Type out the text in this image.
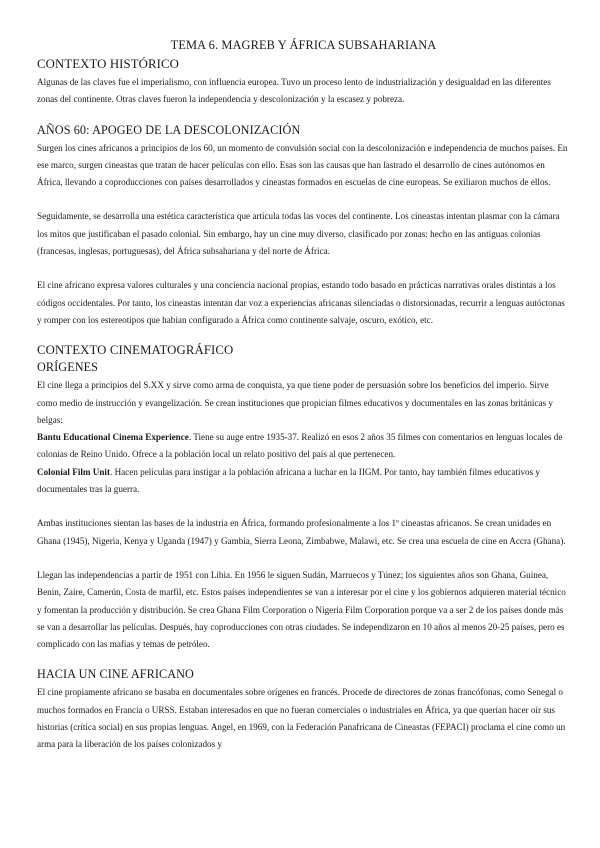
TEMA 6. MAGREB Y ÁFRICA SUBSAHARIANA
CONTEXTO HISTÓRICO

Algunas de las claves fue el imperialismo, con influencia europea. Tuvo un proceso lento de industrialización y desigualdad en las diferentes zonas del continente. Otras claves fueron la independencia y descolonización y la escasez y pobreza.

AÑOS 60: APOGEO DE LA DESCOLONIZACIÓN

Surgen los cines africanos a principios de los 60, un momento de convulsión social con la descolonización e independencia de muchos países. En ese marco, surgen cineastas que tratan de hacer películas con ello. Esas son las causas que han lastrado el desarrollo de cines autónomos en África, llevando a coproducciones con países desarrollados y cineastas formados en escuelas de cine europeas. Se exiliaron muchos de ellos.

Seguidamente, se desarrolla una estética característica que articula todas las voces del continente. Los cineastas intentan plasmar con la cámara los mitos que justificaban el pasado colonial. Sin embargo, hay un cine muy diverso, clasificado por zonas: hecho en las antiguas colonias (francesas, inglesas, portuguesas), del África subsahariana y del norte de África.

El cine africano expresa valores culturales y una conciencia nacional propias, estando todo basado en prácticas narrativas orales distintas a los códigos occidentales. Por tanto, los cineastas intentan dar voz a experiencias africanas silenciadas o distorsionadas, recurrir a lenguas autóctonas y romper con los estereotipos que habían configurado a África como continente salvaje, oscuro, exótico, etc.

CONTEXTO CINEMATOGRÁFICO
ORÍGENES

El cine llega a principios del S.XX y sirve como arma de conquista, ya que tiene poder de persuasión sobre los beneficios del imperio. Sirve como medio de instrucción y evangelización. Se crean instituciones que propician filmes educativos y documentales en las zonas británicas y belgas:

Bantu Educational Cinema Experience. Tiene su auge entre 1935-37. Realizó en esos 2 años 35 filmes con comentarios en lenguas locales de colonias de Reino Unido. Ofrece a la población local un relato positivo del país al que pertenecen.

Colonial Film Unit. Hacen películas para instigar a la población africana a luchar en la IIGM. Por tanto, hay también filmes educativos y documentales tras la guerra.

Ambas instituciones sientan las bases de la industria en África, formando profesionalmente a los 1º cineastas africanos. Se crean unidades en Ghana (1945), Nigeria, Kenya y Uganda (1947) y Gambia, Sierra Leona, Zimbabwe, Malawi, etc. Se crea una escuela de cine en Accra (Ghana).

Llegan las independencias a partir de 1951 con Libia. En 1956 le siguen Sudán, Marruecos y Túnez; los siguientes años son Ghana, Guinea, Benin, Zaire, Camerún, Costa de marfil, etc. Estos países independientes se van a interesar por el cine y los gobiernos adquieren material técnico y fomentan la producción y distribución. Se crea Ghana Film Corporation o Nigeria Film Corporation porque va a ser 2 de los países donde más se van a desarrollar las películas. Después, hay coproducciones con otras ciudades. Se independizaron en 10 años al menos 20-25 países, pero es complicado con las mafias y temas de petróleo.

HACIA UN CINE AFRICANO

El cine propiamente africano se basaba en documentales sobre orígenes en francés. Procede de directores de zonas francófonas, como Senegal o muchos formados en Francia o URSS. Estaban interesados en que no fueran comerciales o industriales en África, ya que querían hacer oír sus historias (crítica social) en sus propias lenguas. Angel, en 1969, con la Federación Panafricana de Cineastas (FEPACI) proclama el cine como un arma para la liberación de los países colonizados y
